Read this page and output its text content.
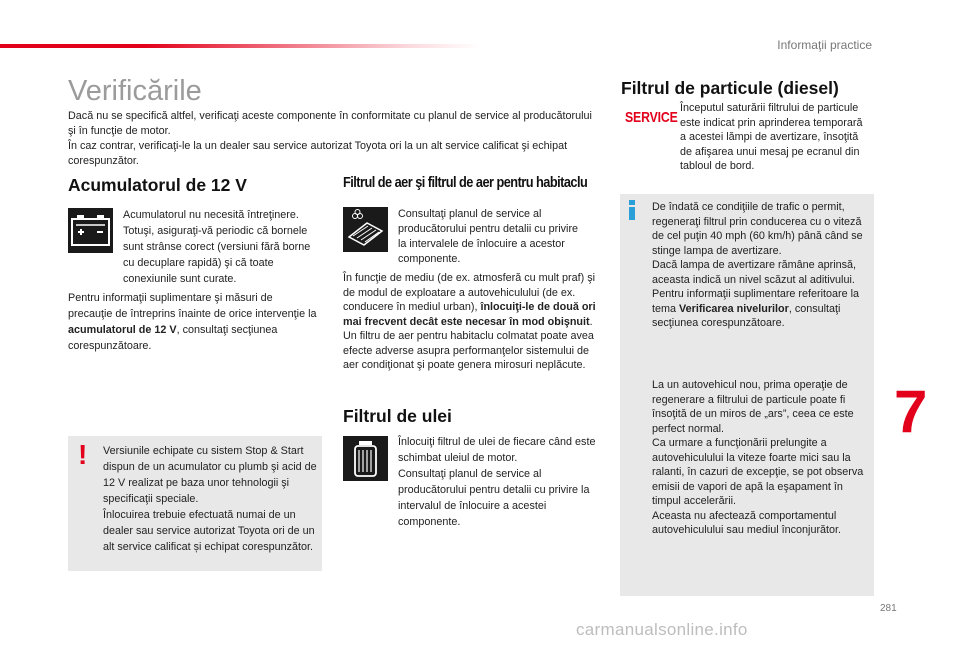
Informaţii practice
Verificările

Dacă nu se specifică altfel, verificaţi aceste componente în conformitate cu planul de service al producătorului şi în funcţie de motor.
În caz contrar, verificaţi-le la un dealer sau service autorizat Toyota ori la un alt service calificat şi echipat corespunzător.

Acumulatorul de 12 V

Acumulatorul nu necesită întreţinere.
Totuşi, asiguraţi-vă periodic că bornele sunt strânse corect (versiuni fără borne cu decuplare rapidă) şi că toate conexiunile sunt curate.

Pentru informaţii suplimentare şi măsuri de precauţie de întreprins înainte de orice intervenţie la acumulatorul de 12 V, consultaţi secţiunea corespunzătoare.

! Versiunile echipate cu sistem Stop & Start dispun de un acumulator cu plumb şi acid de 12 V realizat pe baza unor tehnologii şi specificaţii speciale.
Înlocuirea trebuie efectuată numai de un dealer sau service autorizat Toyota ori de un alt service calificat și echipat corespunzător.

Filtrul de aer şi filtrul de aer pentru habitaclu

Consultaţi planul de service al producătorului pentru detalii cu privire la intervalele de înlocuire a acestor componente.

În funcţie de mediu (de ex. atmosferă cu mult praf) şi de modul de exploatare a autovehiculului (de ex. conducere în mediul urban), înlocuiţi-le de două ori mai frecvent decât este necesar în mod obişnuit.
Un filtru de aer pentru habitaclu colmatat poate avea efecte adverse asupra performanţelor sistemului de aer condiţionat şi poate genera mirosuri neplăcute.

Filtrul de ulei

Înlocuiţi filtrul de ulei de fiecare când este schimbat uleiul de motor.
Consultaţi planul de service al producătorului pentru detalii cu privire la intervalul de înlocuire a acestei componente.

Filtrul de particule (diesel)
SERVICE

Începutul saturării filtrului de particule este indicat prin aprinderea temporară a acestei lămpi de avertizare, însoţită de afişarea unui mesaj pe ecranul din tabloul de bord.

De îndată ce condiţiile de trafic o permit, regeneraţi filtrul prin conducerea cu o viteză de cel puţin 40 mph (60 km/h) până când se stinge lampa de avertizare.
Dacă lampa de avertizare rămâne aprinsă, aceasta indică un nivel scăzut al aditivului.
Pentru informaţii suplimentare referitoare la tema Verificarea nivelurilor, consultaţi secţiunea corespunzătoare.

La un autovehicul nou, prima operaţie de regenerare a filtrului de particule poate fi însoţită de un miros de „ars”, ceea ce este perfect normal.
Ca urmare a funcţionării prelungite a autovehiculului la viteze foarte mici sau la ralanti, în cazuri de excepţie, se pot observa emisii de vapori de apă la eşapament în timpul accelerării.
Aceasta nu afectează comportamentul autovehiculului sau mediul înconjurător.

7
281
carmanualsonline.info
